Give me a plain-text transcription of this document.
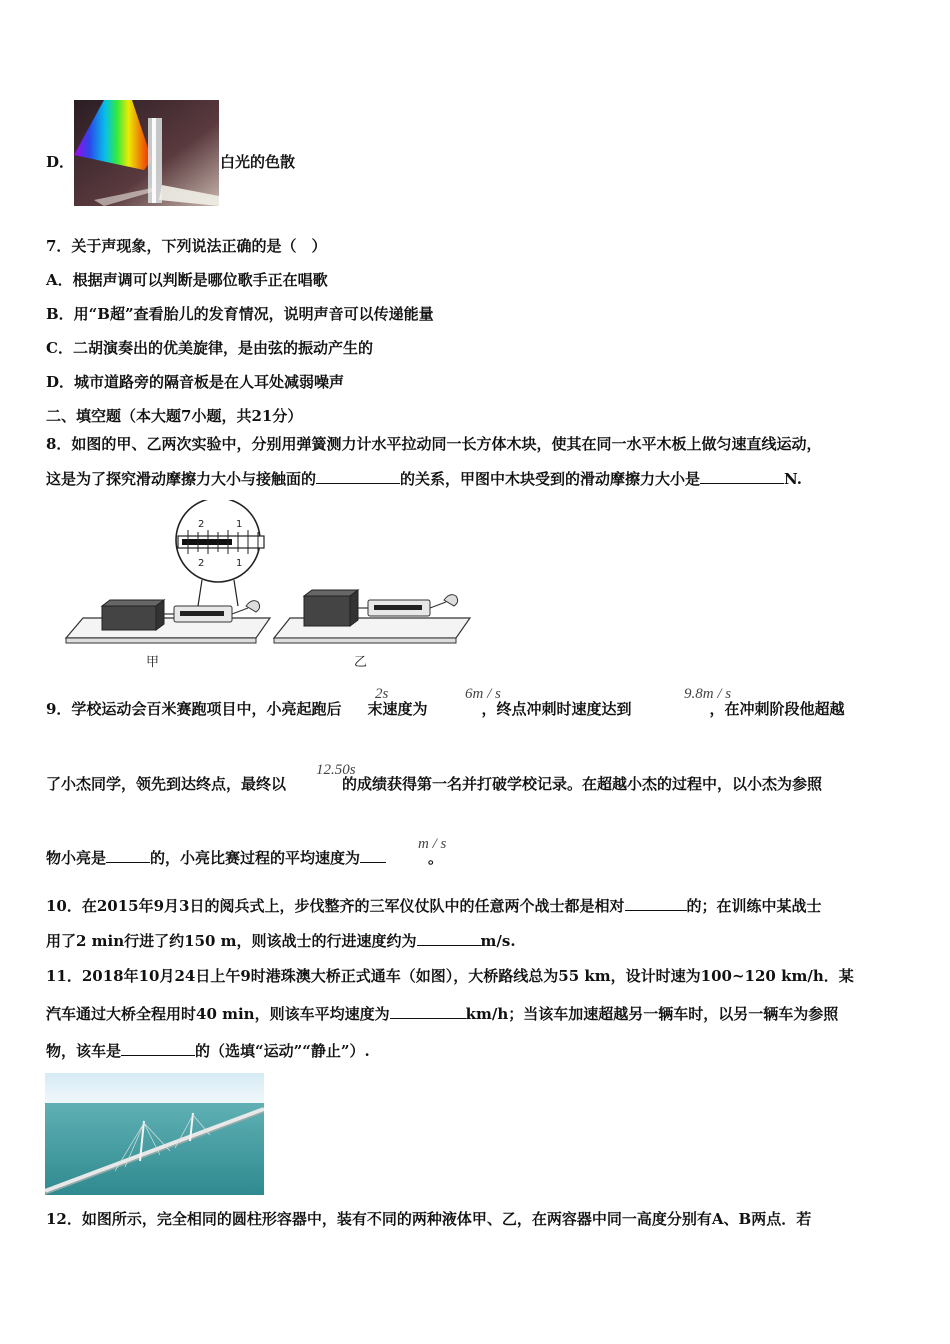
D．	白光的色散
7．关于声现象，下列说法正确的是（　）
A．根据声调可以判断是哪位歌手正在唱歌
B．用“B超”查看胎儿的发育情况，说明声音可以传递能量
C．二胡演奏出的优美旋律，是由弦的振动产生的
D．城市道路旁的隔音板是在人耳处减弱噪声
二、填空题（本大题7小题，共21分）
8．如图的甲、乙两次实验中，分别用弹簧测力计水平拉动同一长方体木块，使其在同一水平木板上做匀速直线运动，
这是为了探究滑动摩擦力大小与接触面的	的关系，甲图中木块受到的滑动摩擦力大小是	N.
2	1
2	1
甲	乙
9．学校运动会百米赛跑项目中，小亮起跑后 末速度为	，终点冲刺时速度达到	，在冲刺阶段他超越
2s	6m / s	9.8m / s
了小杰同学，领先到达终点，最终以	的成绩获得第一名并打破学校记录。在超越小杰的过程中，以小杰为参照
12.50s
物小亮是	的，小亮比赛过程的平均速度为	。
m / s
10．在2015年9月3日的阅兵式上，步伐整齐的三军仪仗队中的任意两个战士都是相对	的；在训练中某战士
用了2 min行进了约150 m，则该战士的行进速度约为	m/s.
11．2018年10月24日上午9时港珠澳大桥正式通车（如图），大桥路线总为55 km，设计时速为100~120 km/h．某
汽车通过大桥全程用时40 min，则该车平均速度为	km/h；当该车加速超越另一辆车时，以另一辆车为参照
物，该车是	的（选填“运动”“静止”）.
12．如图所示，完全相同的圆柱形容器中，装有不同的两种液体甲、乙，在两容器中同一高度分别有A、B两点．若
